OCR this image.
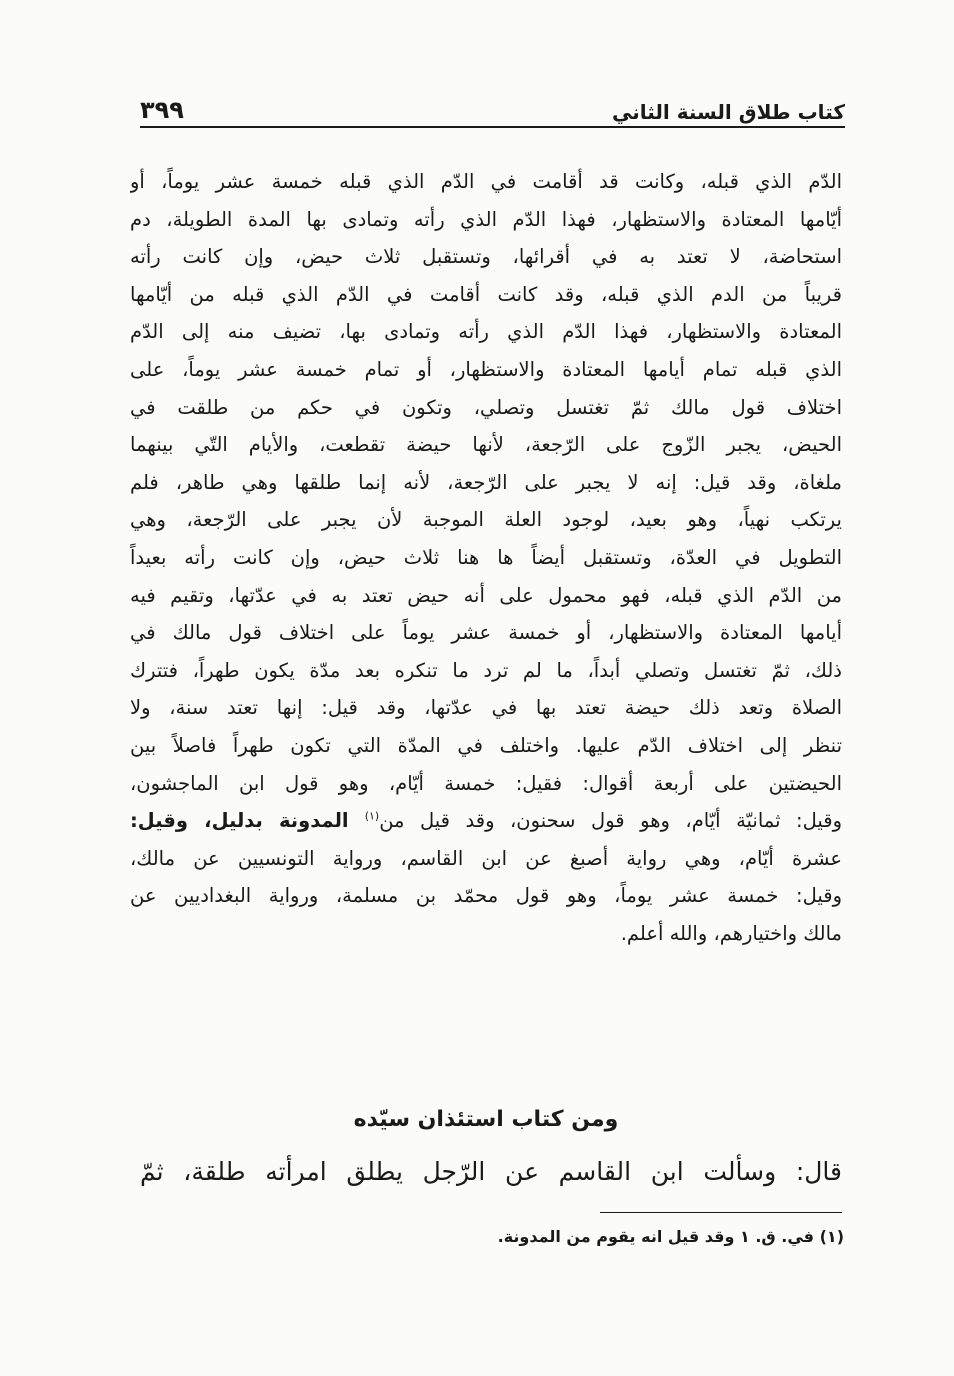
كتاب طلاق السنة الثاني
٣٩٩
الدّم الذي قبله، وكانت قد أقامت في الدّم الذي قبله خمسة عشر يوماً، أو
أيّامها المعتادة والاستظهار، فهذا الدّم الذي رأته وتمادى بها المدة الطويلة، دم
استحاضة، لا تعتد به في أقرائها، وتستقبل ثلاث حيض، وإن كانت رأته
قريباً من الدم الذي قبله، وقد كانت أقامت في الدّم الذي قبله من أيّامها
المعتادة والاستظهار، فهذا الدّم الذي رأته وتمادى بها، تضيف منه إلى الدّم
الذي قبله تمام أيامها المعتادة والاستظهار، أو تمام خمسة عشر يوماً، على
اختلاف قول مالك ثمّ تغتسل وتصلي، وتكون في حكم من طلقت في
الحيض، يجبر الزّوج على الرّجعة، لأنها حيضة تقطعت، والأيام التّي بينهما
ملغاة، وقد قيل: إنه لا يجبر على الرّجعة، لأنه إنما طلقها وهي طاهر، فلم
يرتكب نهياً، وهو بعيد، لوجود العلة الموجبة لأن يجبر على الرّجعة، وهي
التطويل في العدّة، وتستقبل أيضاً ها هنا ثلاث حيض، وإن كانت رأته بعيداً
من الدّم الذي قبله، فهو محمول على أنه حيض تعتد به في عدّتها، وتقيم فيه
أيامها المعتادة والاستظهار، أو خمسة عشر يوماً على اختلاف قول مالك في
ذلك، ثمّ تغتسل وتصلي أبداً، ما لم ترد ما تنكره بعد مدّة يكون طهراً، فتترك
الصلاة وتعد ذلك حيضة تعتد بها في عدّتها، وقد قيل: إنها تعتد سنة، ولا
تنظر إلى اختلاف الدّم عليها. واختلف في المدّة التي تكون طهراً فاصلاً بين
الحيضتين على أربعة أقوال: فقيل: خمسة أيّام، وهو قول ابن الماجشون،
وقيل: ثمانيّة أيّام، وهو قول سحنون، وقد قيل من$^{(١)}$ المدونة بدليل، وقيل:
عشرة أيّام، وهي رواية أصبغ عن ابن القاسم، ورواية التونسيين عن مالك،
وقيل: خمسة عشر يوماً، وهو قول محمّد بن مسلمة، ورواية البغداديين عن
مالك واختيارهم، والله أعلم.
ومن كتاب استئذان سيّده

قال: وسألت ابن القاسم عن الرّجل يطلق امرأته طلقة، ثمّ

(١) في. ق. ١ وقد قيل انه يقوم من المدونة.
